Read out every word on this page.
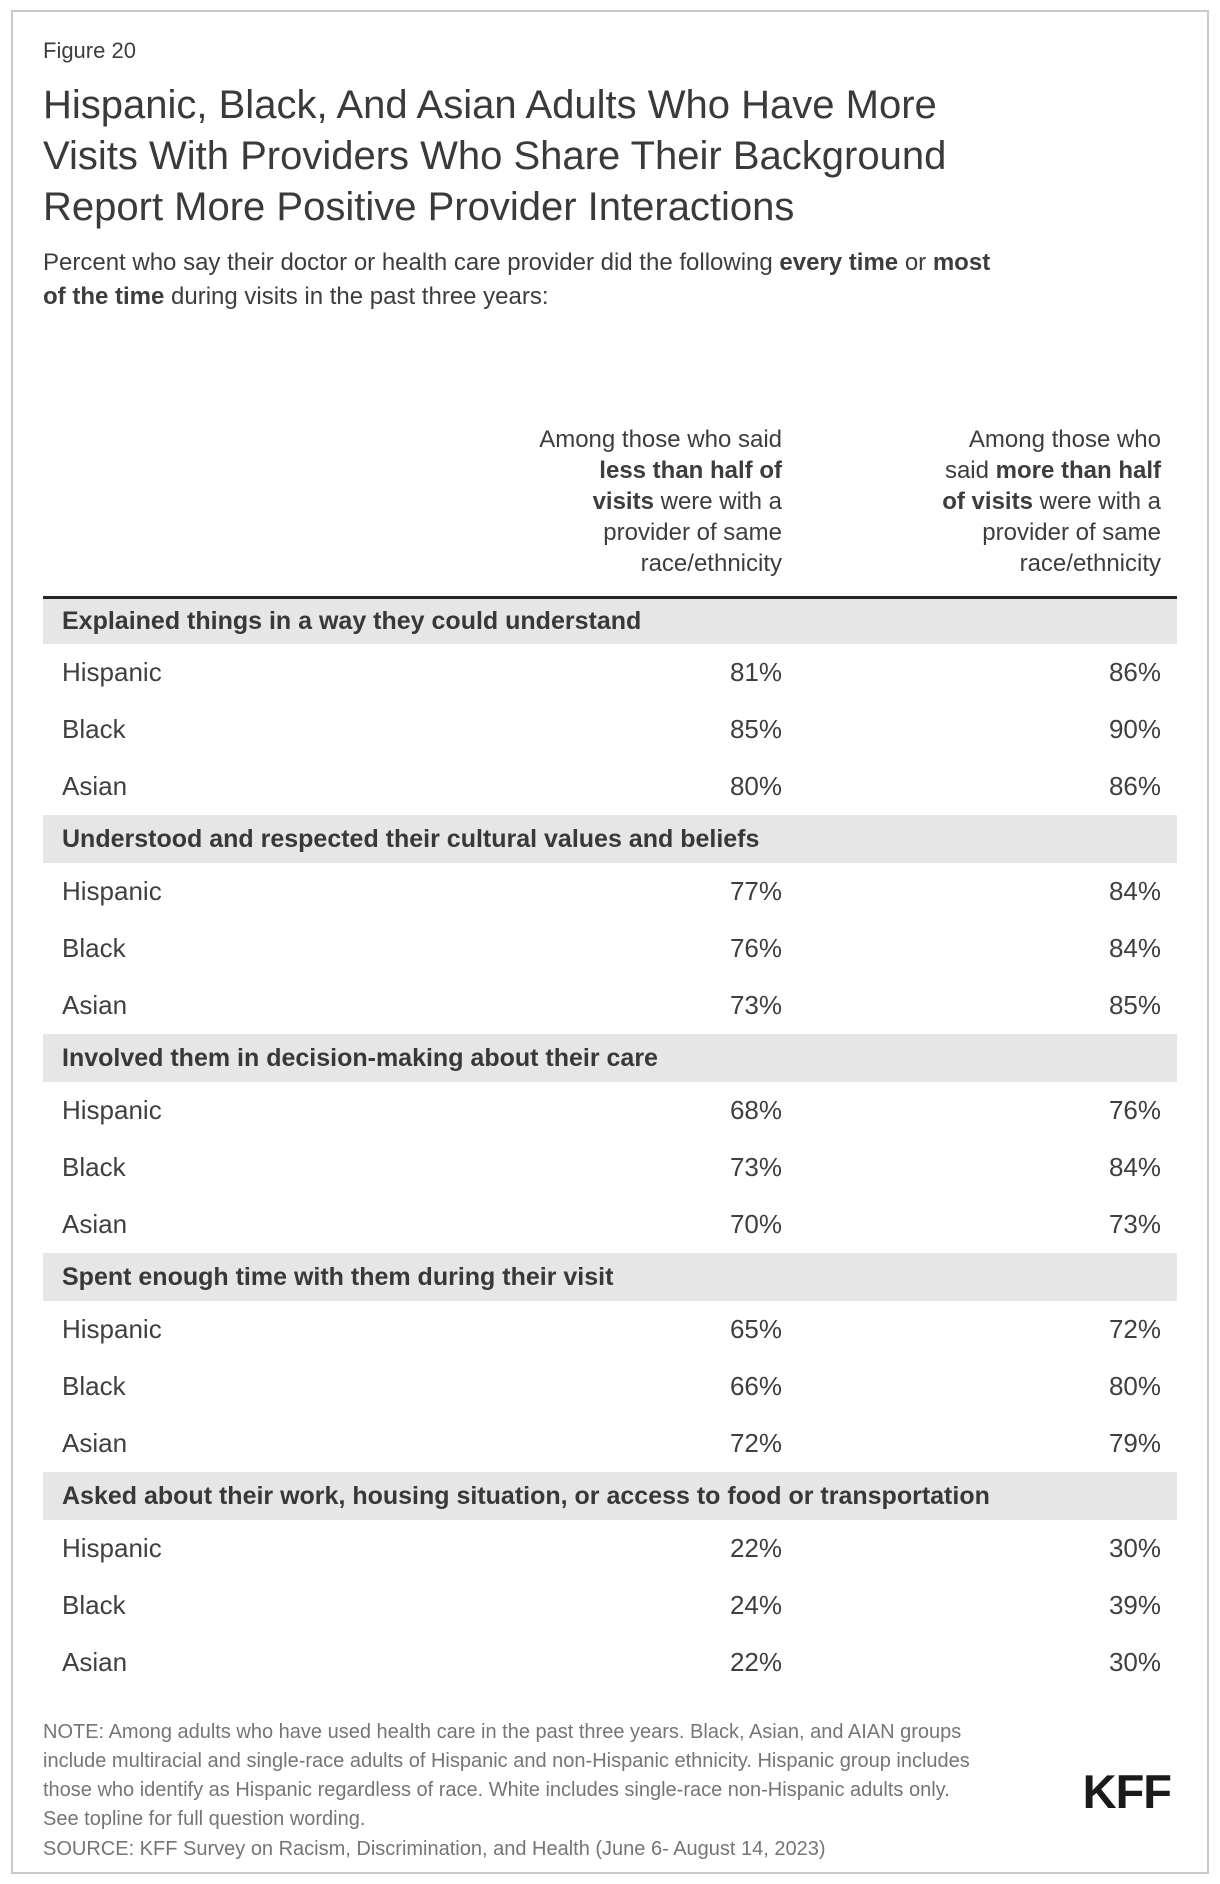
Figure 20
Hispanic, Black, And Asian Adults Who Have More
Visits With Providers Who Share Their Background
Report More Positive Provider Interactions
Percent who say their doctor or health care provider did the following every time or most
of the time during visits in the past three years:
Among those who said
less than half of
visits were with a
provider of same
race/ethnicity
Among those who
said more than half
of visits were with a
provider of same
race/ethnicity
Explained things in a way they could understand
Hispanic	81%	86%
Black	85%	90%
Asian	80%	86%
Understood and respected their cultural values and beliefs
Hispanic	77%	84%
Black	76%	84%
Asian	73%	85%
Involved them in decision-making about their care
Hispanic	68%	76%
Black	73%	84%
Asian	70%	73%
Spent enough time with them during their visit
Hispanic	65%	72%
Black	66%	80%
Asian	72%	79%
Asked about their work, housing situation, or access to food or transportation
Hispanic	22%	30%
Black	24%	39%
Asian	22%	30%
NOTE: Among adults who have used health care in the past three years. Black, Asian, and AIAN groups
include multiracial and single-race adults of Hispanic and non-Hispanic ethnicity. Hispanic group includes
those who identify as Hispanic regardless of race. White includes single-race non-Hispanic adults only.
See topline for full question wording.
SOURCE: KFF Survey on Racism, Discrimination, and Health (June 6- August 14, 2023)
KFF
